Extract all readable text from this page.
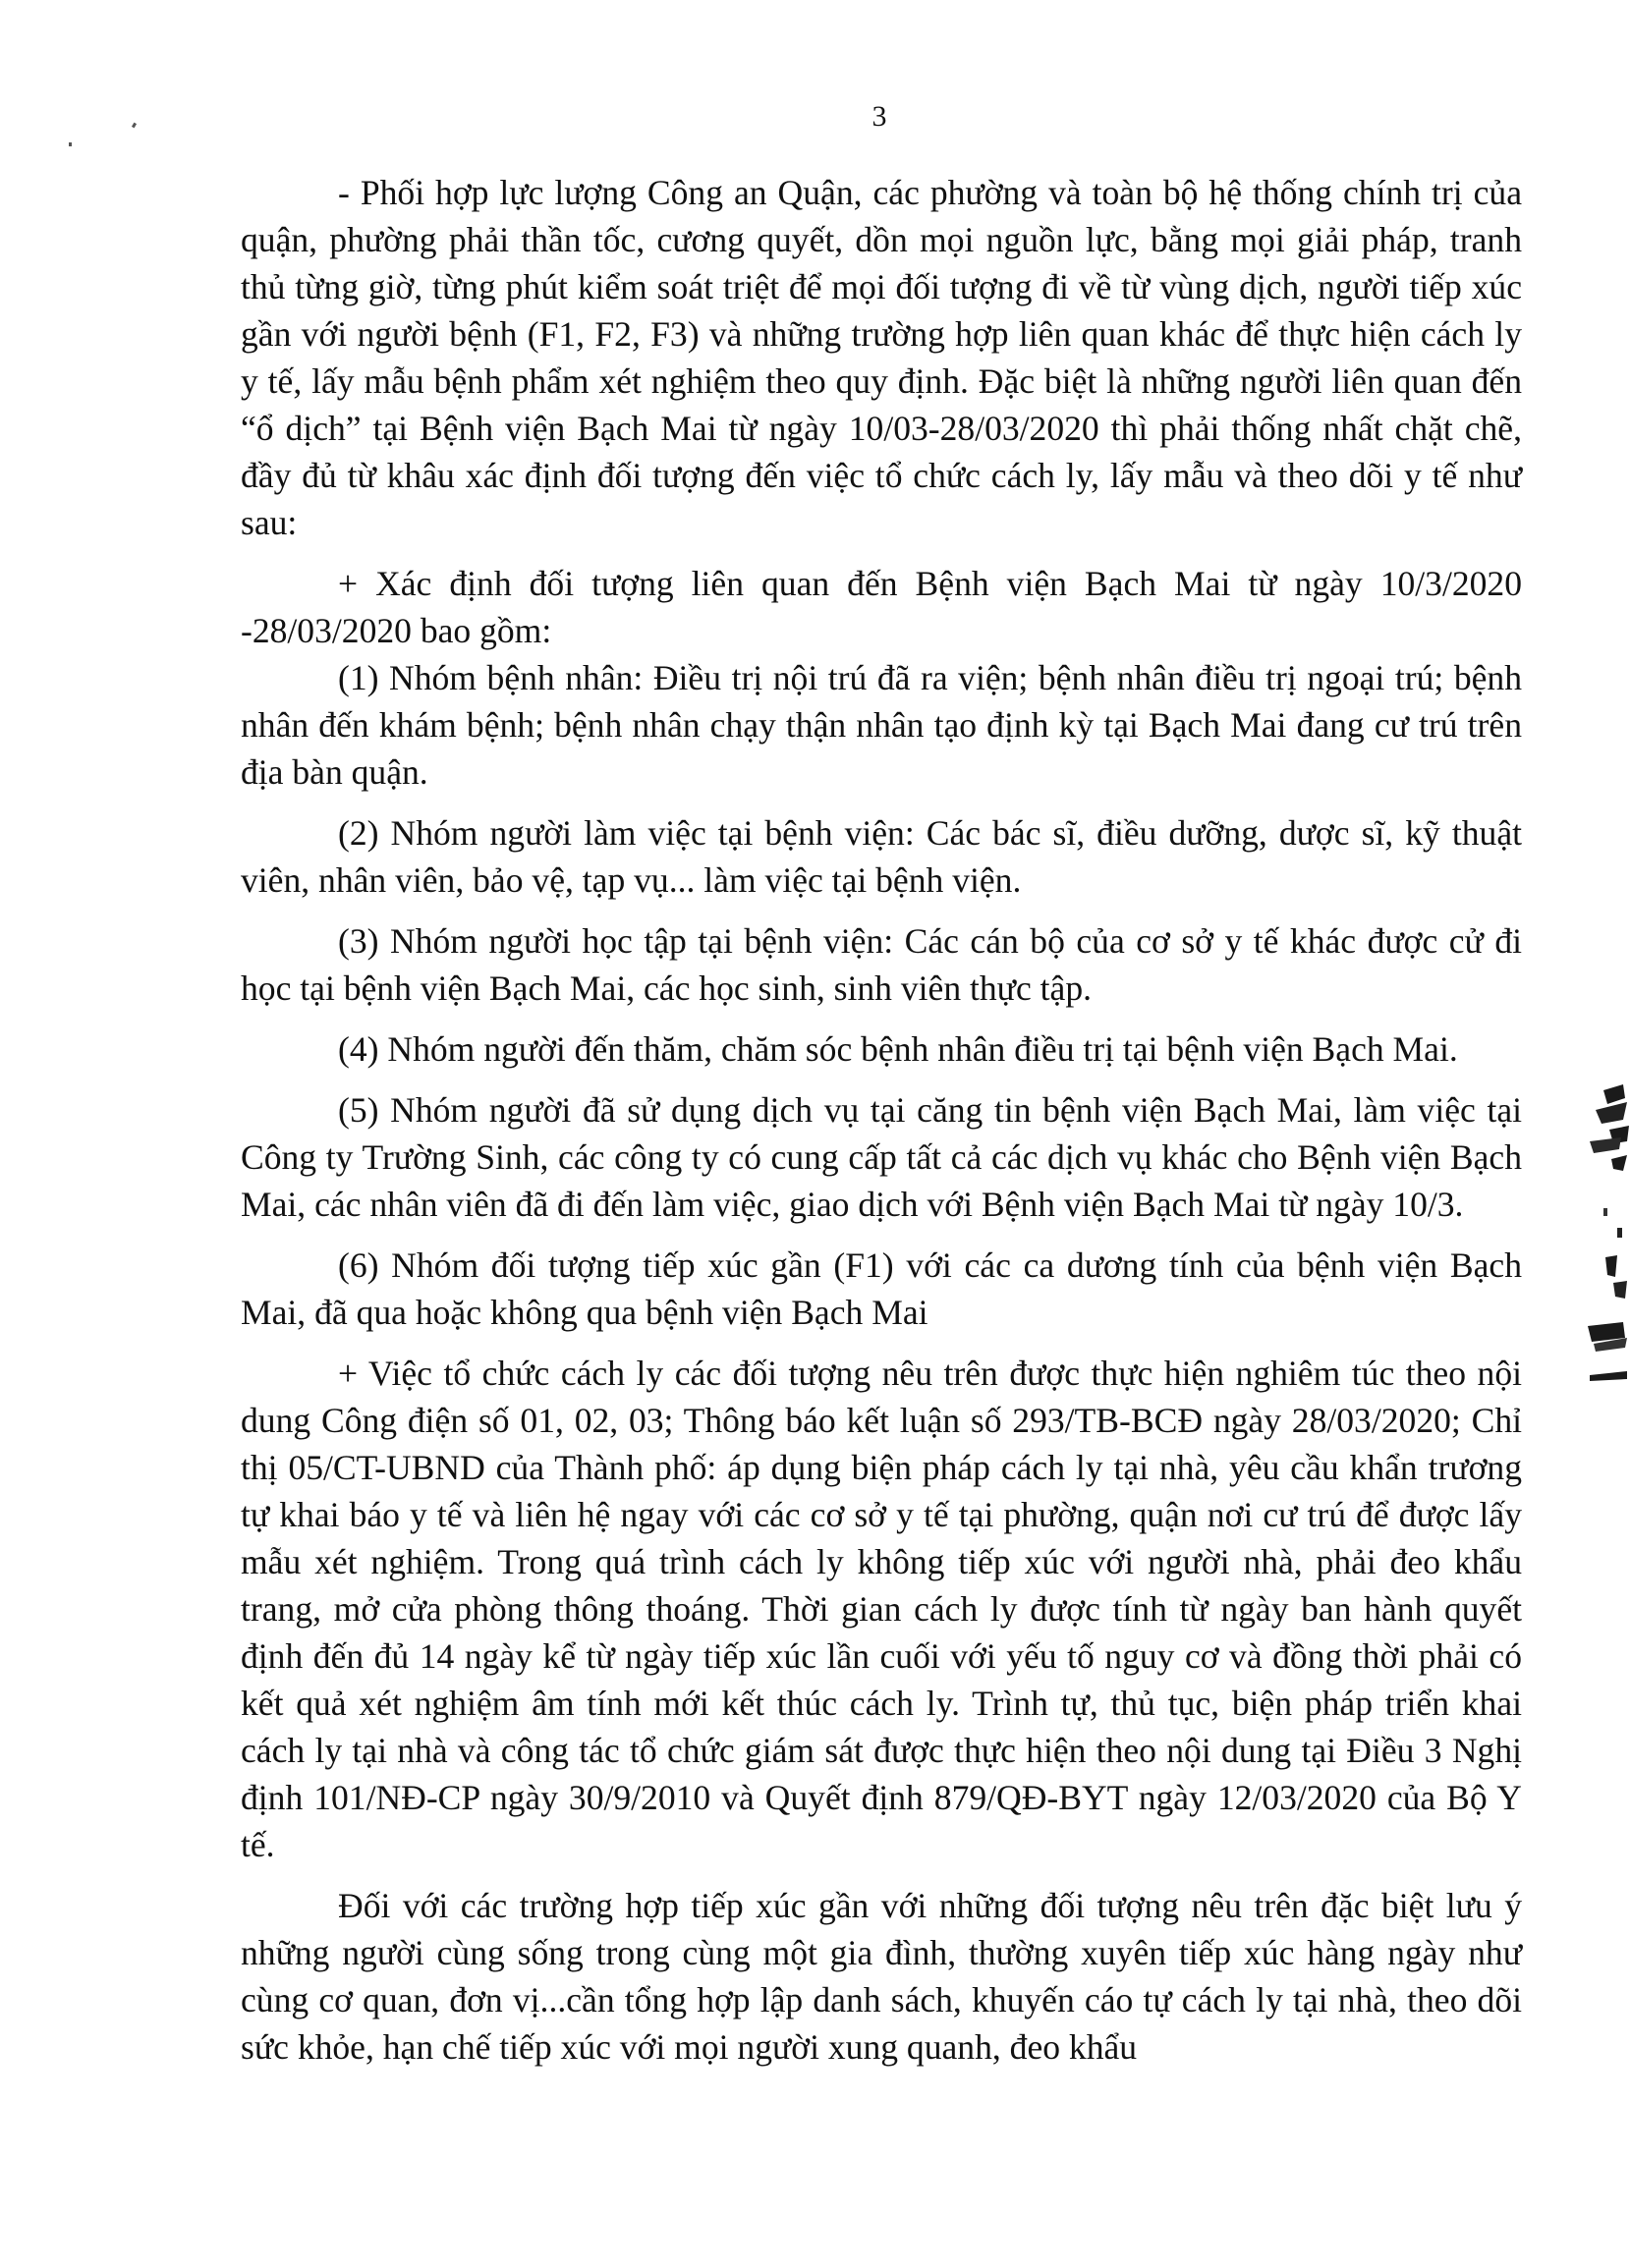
3

- Phối hợp lực lượng Công an Quận, các phường và toàn bộ hệ thống chính trị của quận, phường phải thần tốc, cương quyết, dồn mọi nguồn lực, bằng mọi giải pháp, tranh thủ từng giờ, từng phút kiểm soát triệt để mọi đối tượng đi về từ vùng dịch, người tiếp xúc gần với người bệnh (F1, F2, F3) và những trường hợp liên quan khác để thực hiện cách ly y tế, lấy mẫu bệnh phẩm xét nghiệm theo quy định. Đặc biệt là những người liên quan đến “ổ dịch” tại Bệnh viện Bạch Mai từ ngày 10/03-28/03/2020 thì phải thống nhất chặt chẽ, đầy đủ từ khâu xác định đối tượng đến việc tổ chức cách ly, lấy mẫu và theo dõi y tế như sau:

+ Xác định đối tượng liên quan đến Bệnh viện Bạch Mai từ ngày 10/3/2020 -28/03/2020 bao gồm:

(1) Nhóm bệnh nhân: Điều trị nội trú đã ra viện; bệnh nhân điều trị ngoại trú; bệnh nhân đến khám bệnh; bệnh nhân chạy thận nhân tạo định kỳ tại Bạch Mai đang cư trú trên địa bàn quận.

(2) Nhóm người làm việc tại bệnh viện: Các bác sĩ, điều dưỡng, dược sĩ, kỹ thuật viên, nhân viên, bảo vệ, tạp vụ... làm việc tại bệnh viện.

(3) Nhóm người học tập tại bệnh viện: Các cán bộ của cơ sở y tế khác được cử đi học tại bệnh viện Bạch Mai, các học sinh, sinh viên thực tập.

(4) Nhóm người đến thăm, chăm sóc bệnh nhân điều trị tại bệnh viện Bạch Mai.

(5) Nhóm người đã sử dụng dịch vụ tại căng tin bệnh viện Bạch Mai, làm việc tại Công ty Trường Sinh, các công ty có cung cấp tất cả các dịch vụ khác cho Bệnh viện Bạch Mai, các nhân viên đã đi đến làm việc, giao dịch với Bệnh viện Bạch Mai từ ngày 10/3.

(6) Nhóm đối tượng tiếp xúc gần (F1) với các ca dương tính của bệnh viện Bạch Mai, đã qua hoặc không qua bệnh viện Bạch Mai

+ Việc tổ chức cách ly các đối tượng nêu trên được thực hiện nghiêm túc theo nội dung Công điện số 01, 02, 03; Thông báo kết luận số 293/TB-BCĐ ngày 28/03/2020; Chỉ thị 05/CT-UBND của Thành phố: áp dụng biện pháp cách ly tại nhà, yêu cầu khẩn trương tự khai báo y tế và liên hệ ngay với các cơ sở y tế tại phường, quận nơi cư trú để được lấy mẫu xét nghiệm. Trong quá trình cách ly không tiếp xúc với người nhà, phải đeo khẩu trang, mở cửa phòng thông thoáng. Thời gian cách ly được tính từ ngày ban hành quyết định đến đủ 14 ngày kể từ ngày tiếp xúc lần cuối với yếu tố nguy cơ và đồng thời phải có kết quả xét nghiệm âm tính mới kết thúc cách ly. Trình tự, thủ tục, biện pháp triển khai cách ly tại nhà và công tác tổ chức giám sát được thực hiện theo nội dung tại Điều 3 Nghị định 101/NĐ-CP ngày 30/9/2010 và Quyết định 879/QĐ-BYT ngày 12/03/2020 của Bộ Y tế.

Đối với các trường hợp tiếp xúc gần với những đối tượng nêu trên đặc biệt lưu ý những người cùng sống trong cùng một gia đình, thường xuyên tiếp xúc hàng ngày như cùng cơ quan, đơn vị...cần tổng hợp lập danh sách, khuyến cáo tự cách ly tại nhà, theo dõi sức khỏe, hạn chế tiếp xúc với mọi người xung quanh, đeo khẩu
